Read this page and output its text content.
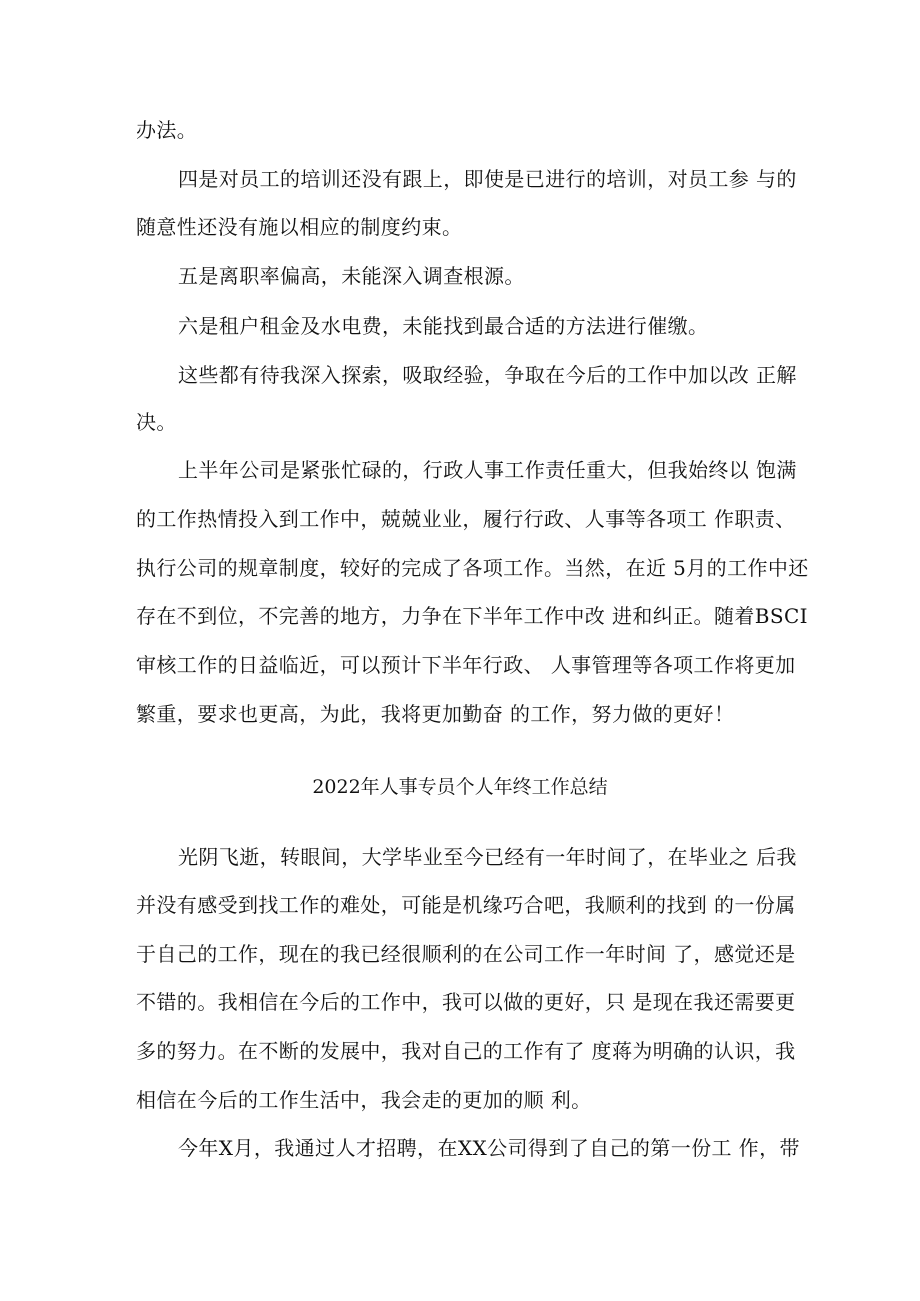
办法。
四是对员工的培训还没有跟上，即使是已进行的培训，对员工参 与的
随意性还没有施以相应的制度约束。
五是离职率偏高，未能深入调查根源。
六是租户租金及水电费，未能找到最合适的方法进行催缴。
这些都有待我深入探索，吸取经验，争取在今后的工作中加以改 正解
决。
上半年公司是紧张忙碌的，行政人事工作责任重大，但我始终以 饱满
的工作热情投入到工作中，兢兢业业，履行行政、人事等各项工 作职责、
执行公司的规章制度，较好的完成了各项工作。当然，在近 5月的工作中还
存在不到位，不完善的地方，力争在下半年工作中改 进和纠正。随着BSCI
审核工作的日益临近，可以预计下半年行政、 人事管理等各项工作将更加
繁重，要求也更高，为此，我将更加勤奋 的工作，努力做的更好！
2022年人事专员个人年终工作总结
光阴飞逝，转眼间，大学毕业至今已经有一年时间了，在毕业之 后我
并没有感受到找工作的难处，可能是机缘巧合吧，我顺利的找到 的一份属
于自己的工作，现在的我已经很顺利的在公司工作一年时间 了，感觉还是
不错的。我相信在今后的工作中，我可以做的更好，只 是现在我还需要更
多的努力。在不断的发展中，我对自己的工作有了 度蒋为明确的认识，我
相信在今后的工作生活中，我会走的更加的顺 利。
今年X月，我通过人才招聘，在XX公司得到了自己的第一份工 作，带
